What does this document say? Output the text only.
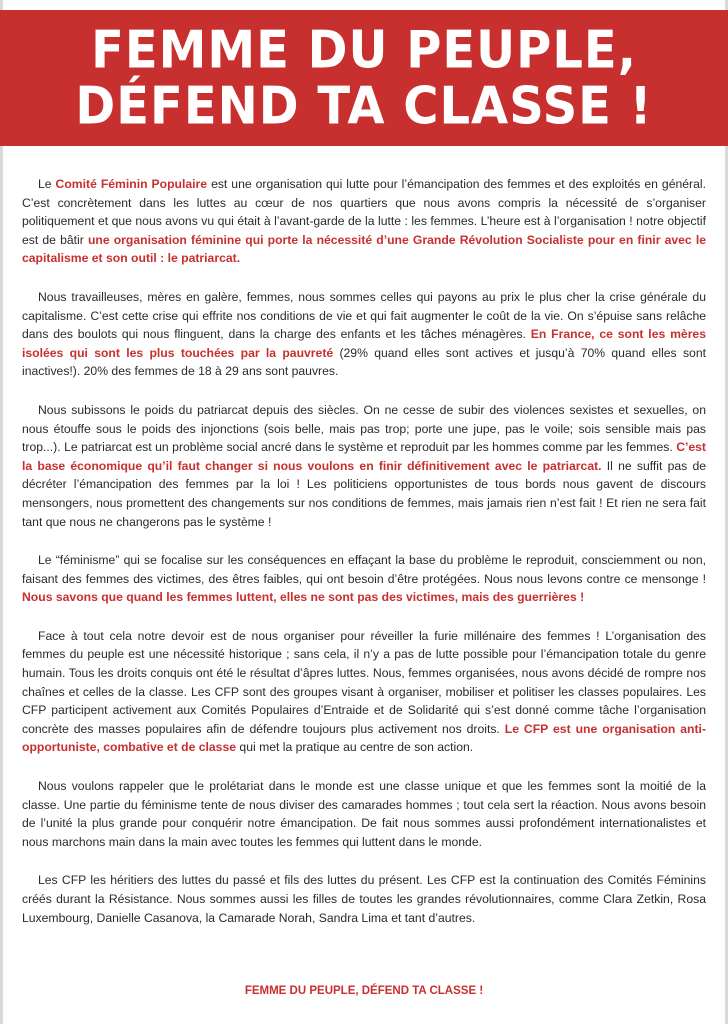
FEMME DU PEUPLE,
DÉFEND TA CLASSE !

Le Comité Féminin Populaire est une organisation qui lutte pour l’émancipation des femmes et des exploités en général. C’est concrètement dans les luttes au cœur de nos quartiers que nous avons compris la nécessité de s’organiser politiquement et que nous avons vu qui était à l’avant-garde de la lutte : les femmes. L’heure est à l’organisation ! notre objectif est de bâtir une organisation féminine qui porte la nécessité d’une Grande Révolution Socialiste pour en finir avec le capitalisme et son outil : le patriarcat.

Nous travailleuses, mères en galère, femmes, nous sommes celles qui payons au prix le plus cher la crise générale du capitalisme. C’est cette crise qui effrite nos conditions de vie et qui fait augmenter le coût de la vie. On s’épuise sans relâche dans des boulots qui nous flinguent, dans la charge des enfants et les tâches ménagères. En France, ce sont les mères isolées qui sont les plus touchées par la pauvreté (29% quand elles sont actives et jusqu’à 70% quand elles sont inactives!). 20% des femmes de 18 à 29 ans sont pauvres.

Nous subissons le poids du patriarcat depuis des siècles. On ne cesse de subir des violences sexistes et sexuelles, on nous étouffe sous le poids des injonctions (sois belle, mais pas trop; porte une jupe, pas le voile; sois sensible mais pas trop...). Le patriarcat est un problème social ancré dans le système et reproduit par les hommes comme par les femmes. C’est la base économique qu’il faut changer si nous voulons en finir définitivement avec le patriarcat. Il ne suffit pas de décréter l’émancipation des femmes par la loi ! Les politiciens opportunistes de tous bords nous gavent de discours mensongers, nous promettent des changements sur nos conditions de femmes, mais jamais rien n’est fait ! Et rien ne sera fait tant que nous ne changerons pas le système !

Le “féminisme” qui se focalise sur les conséquences en effaçant la base du problème le reproduit, consciemment ou non, faisant des femmes des victimes, des êtres faibles, qui ont besoin d’être protégées. Nous nous levons contre ce mensonge ! Nous savons que quand les femmes luttent, elles ne sont pas des victimes, mais des guerrières !

Face à tout cela notre devoir est de nous organiser pour réveiller la furie millénaire des femmes ! L’organisation des femmes du peuple est une nécessité historique ; sans cela, il n’y a pas de lutte possible pour l’émancipation totale du genre humain. Tous les droits conquis ont été le résultat d’âpres luttes. Nous, femmes organisées, nous avons décidé de rompre nos chaînes et celles de la classe. Les CFP sont des groupes visant à organiser, mobiliser et politiser les classes populaires. Les CFP participent activement aux Comités Populaires d’Entraide et de Solidarité qui s’est donné comme tâche l’organisation concrète des masses populaires afin de défendre toujours plus activement nos droits. Le CFP est une organisation anti-opportuniste, combative et de classe qui met la pratique au centre de son action.

Nous voulons rappeler que le prolétariat dans le monde est une classe unique et que les femmes sont la moitié de la classe. Une partie du féminisme tente de nous diviser des camarades hommes ; tout cela sert la réaction. Nous avons besoin de l’unité la plus grande pour conquérir notre émancipation. De fait nous sommes aussi profondément internationalistes et nous marchons main dans la main avec toutes les femmes qui luttent dans le monde.

Les CFP les héritiers des luttes du passé et fils des luttes du présent. Les CFP est la continuation des Comités Féminins créés durant la Résistance. Nous sommes aussi les filles de toutes les grandes révolutionnaires, comme Clara Zetkin, Rosa Luxembourg, Danielle Casanova, la Camarade Norah, Sandra Lima et tant d’autres.

FEMME DU PEUPLE, DÉFEND TA CLASSE !
